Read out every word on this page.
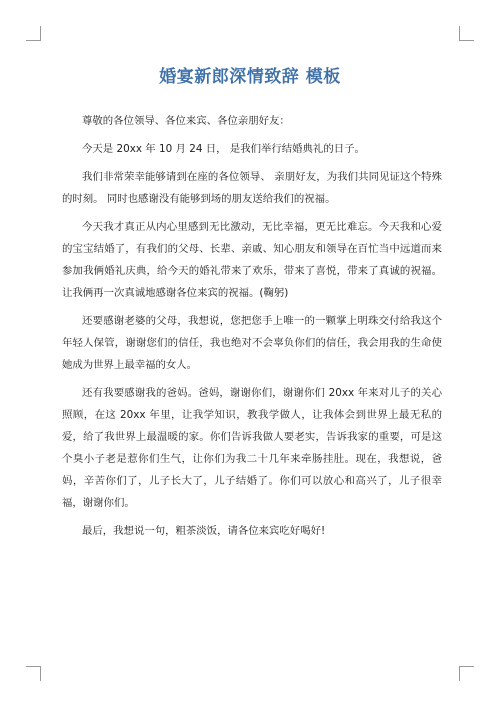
婚宴新郎深情致辞 模板

尊敬的各位领导、各位来宾、各位亲朋好友：

今天是 20xx 年 10 月 24 日， 是我们举行结婚典礼的日子。

我们非常荣幸能够请到在座的各位领导、 亲朋好友，为我们共同见证这个特殊的时刻。 同时也感谢没有能够到场的朋友送给我们的祝福。

今天我才真正从内心里感到无比激动，无比幸福，更无比难忘。今天我和心爱的宝宝结婚了，有我们的父母、长辈、亲戚、知心朋友和领导在百忙当中远道而来参加我俩婚礼庆典，给今天的婚礼带来了欢乐，带来了喜悦，带来了真诚的祝福。让我俩再一次真诚地感谢各位来宾的祝福。(鞠躬)

还要感谢老婆的父母，我想说，您把您手上唯一的一颗掌上明珠交付给我这个年轻人保管，谢谢您们的信任，我也绝对不会辜负你们的信任，我会用我的生命使她成为世界上最幸福的女人。

还有我要感谢我的爸妈。爸妈，谢谢你们，谢谢你们 20xx 年来对儿子的关心照顾，在这 20xx 年里，让我学知识，教我学做人，让我体会到世界上最无私的爱，给了我世界上最温暖的家。你们告诉我做人要老实，告诉我家的重要，可是这个臭小子老是惹你们生气，让你们为我二十几年来牵肠挂肚。现在，我想说，爸妈，辛苦你们了，儿子长大了，儿子结婚了。你们可以放心和高兴了，儿子很幸福，谢谢你们。

最后，我想说一句，粗茶淡饭，请各位来宾吃好喝好!
